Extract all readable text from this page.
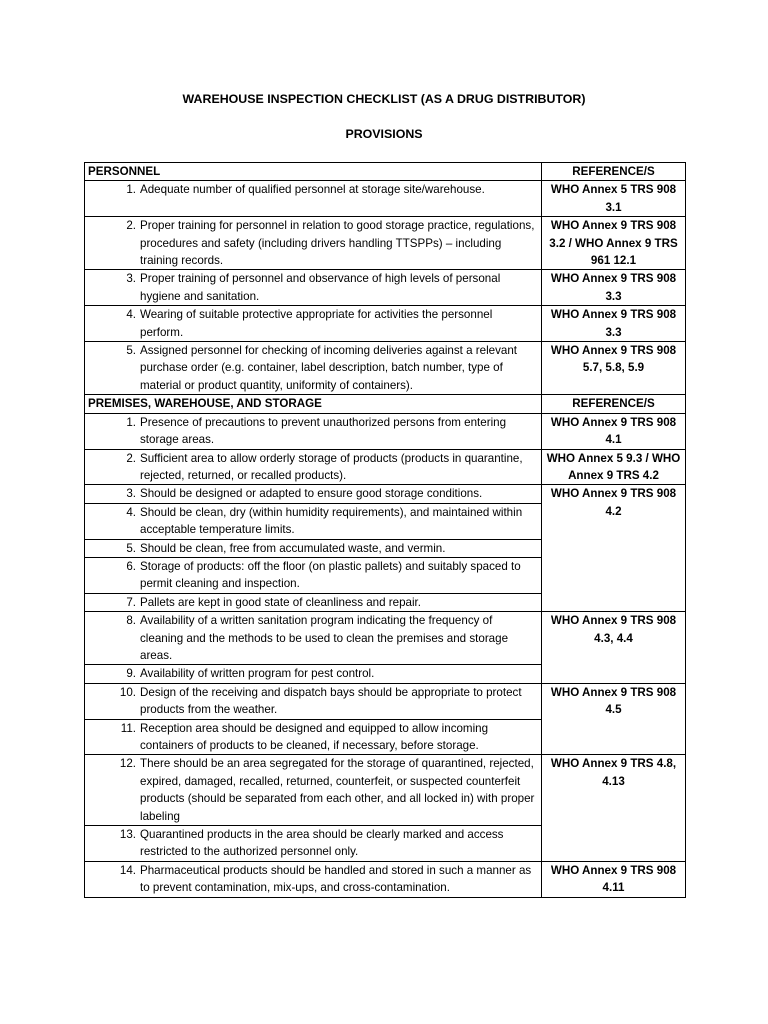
WAREHOUSE INSPECTION CHECKLIST (AS A DRUG DISTRIBUTOR)
PROVISIONS
PERSONNEL	REFERENCE/S

1. Adequate number of qualified personnel at storage site/warehouse.	WHO Annex 5 TRS 908 3.1

2. Proper training for personnel in relation to good storage practice, regulations, procedures and safety (including drivers handling TTSPPs) – including training records.	WHO Annex 9 TRS 908 3.2 / WHO Annex 9 TRS 961 12.1

3. Proper training of personnel and observance of high levels of personal hygiene and sanitation.	WHO Annex 9 TRS 908 3.3

4. Wearing of suitable protective appropriate for activities the personnel perform.	WHO Annex 9 TRS 908 3.3

5. Assigned personnel for checking of incoming deliveries against a relevant purchase order (e.g. container, label description, batch number, type of material or product quantity, uniformity of containers).	WHO Annex 9 TRS 908 5.7, 5.8, 5.9
PREMISES, WAREHOUSE, AND STORAGE	REFERENCE/S

1. Presence of precautions to prevent unauthorized persons from entering storage areas.	WHO Annex 9 TRS 908 4.1

2. Sufficient area to allow orderly storage of products (products in quarantine, rejected, returned, or recalled products).	WHO Annex 5 9.3 / WHO Annex 9 TRS 4.2

3. Should be designed or adapted to ensure good storage conditions.	WHO Annex 9 TRS 908 4.2

4. Should be clean, dry (within humidity requirements), and maintained within acceptable temperature limits.	

5. Should be clean, free from accumulated waste, and vermin.	

6. Storage of products: off the floor (on plastic pallets) and suitably spaced to permit cleaning and inspection.	

7. Pallets are kept in good state of cleanliness and repair.	

8. Availability of a written sanitation program indicating the frequency of cleaning and the methods to be used to clean the premises and storage areas.	WHO Annex 9 TRS 908 4.3, 4.4

9. Availability of written program for pest control.	

10. Design of the receiving and dispatch bays should be appropriate to protect products from the weather.	WHO Annex 9 TRS 908 4.5

11. Reception area should be designed and equipped to allow incoming containers of products to be cleaned, if necessary, before storage.	

12. There should be an area segregated for the storage of quarantined, rejected, expired, damaged, recalled, returned, counterfeit, or suspected counterfeit products (should be separated from each other, and all locked in) with proper labeling	WHO Annex 9 TRS 4.8, 4.13

13. Quarantined products in the area should be clearly marked and access restricted to the authorized personnel only.	

14. Pharmaceutical products should be handled and stored in such a manner as to prevent contamination, mix-ups, and cross-contamination.	WHO Annex 9 TRS 908 4.11
